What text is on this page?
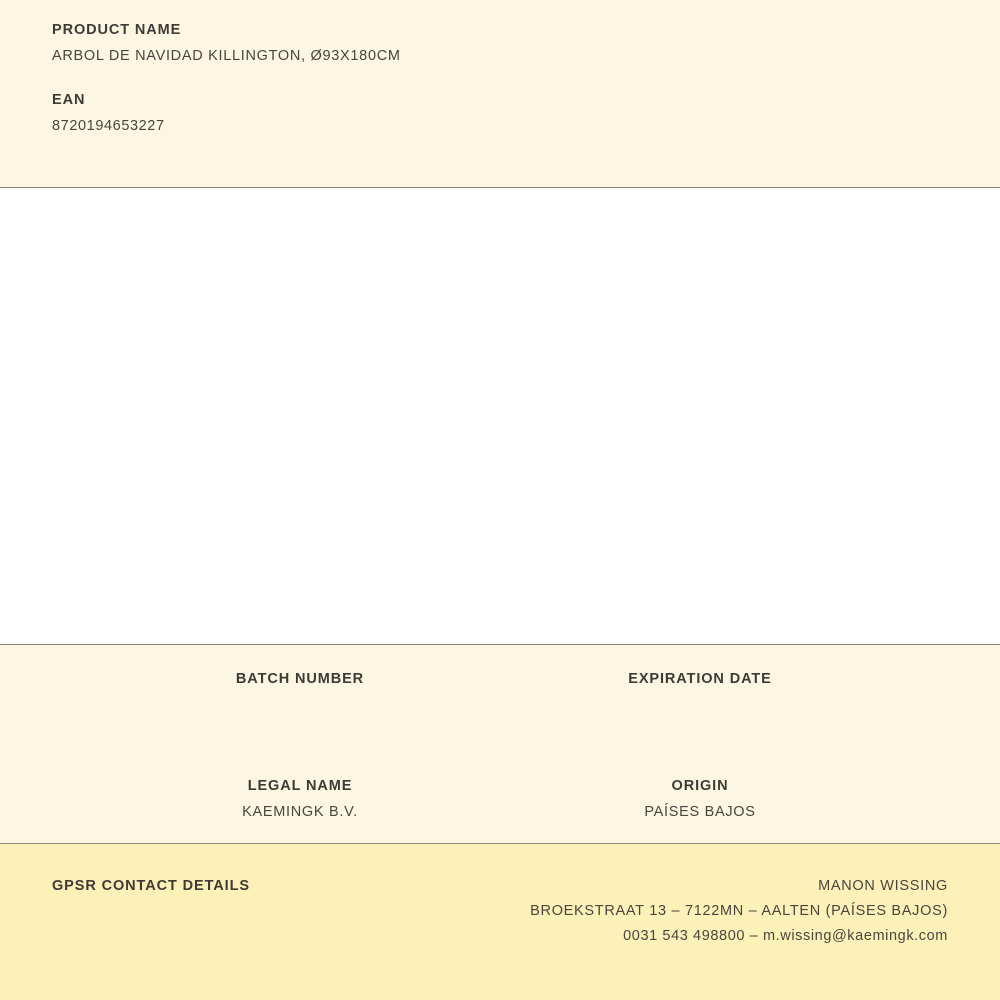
PRODUCT NAME
ARBOL DE NAVIDAD KILLINGTON, Ø93X180CM
EAN
8720194653227
BATCH NUMBER	EXPIRATION DATE
LEGAL NAME
KAEMINGK B.V.
ORIGIN
PAÍSES BAJOS
GPSR CONTACT DETAILS	MANON WISSING
BROEKSTRAAT 13 – 7122MN – AALTEN (PAÍSES BAJOS)
0031 543 498800 – m.wissing@kaemingk.com
